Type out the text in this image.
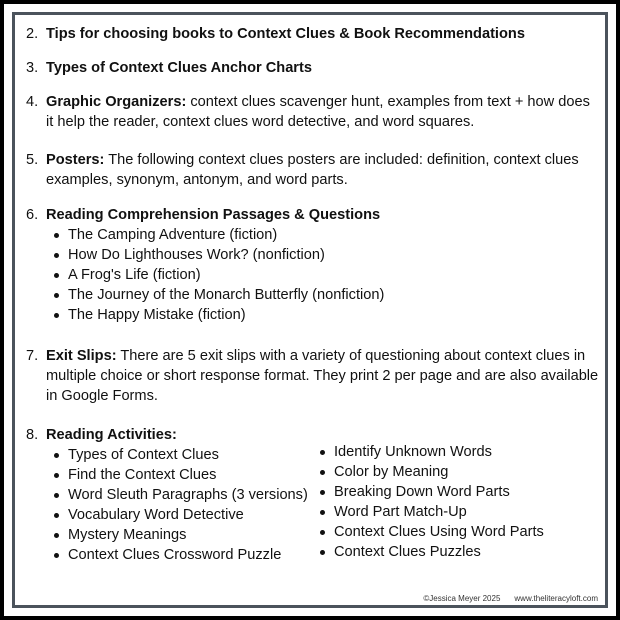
2. Tips for choosing books to Context Clues & Book Recommendations
3. Types of Context Clues Anchor Charts
4. Graphic Organizers: context clues scavenger hunt, examples from text + how does it help the reader, context clues word detective, and word squares.
5. Posters: The following context clues posters are included: definition, context clues examples, synonym, antonym, and word parts.
6. Reading Comprehension Passages & Questions
The Camping Adventure (fiction)
How Do Lighthouses Work? (nonfiction)
A Frog's Life (fiction)
The Journey of the Monarch Butterfly (nonfiction)
The Happy Mistake (fiction)
7. Exit Slips: There are 5 exit slips with a variety of questioning about context clues in multiple choice or short response format. They print 2 per page and are also available in Google Forms.
8. Reading Activities:
Types of Context Clues
Find the Context Clues
Word Sleuth Paragraphs (3 versions)
Vocabulary Word Detective
Mystery Meanings
Context Clues Crossword Puzzle
Identify Unknown Words
Color by Meaning
Breaking Down Word Parts
Word Part Match-Up
Context Clues Using Word Parts
Context Clues Puzzles
©Jessica Meyer 2025 www.theliteracyloft.com
